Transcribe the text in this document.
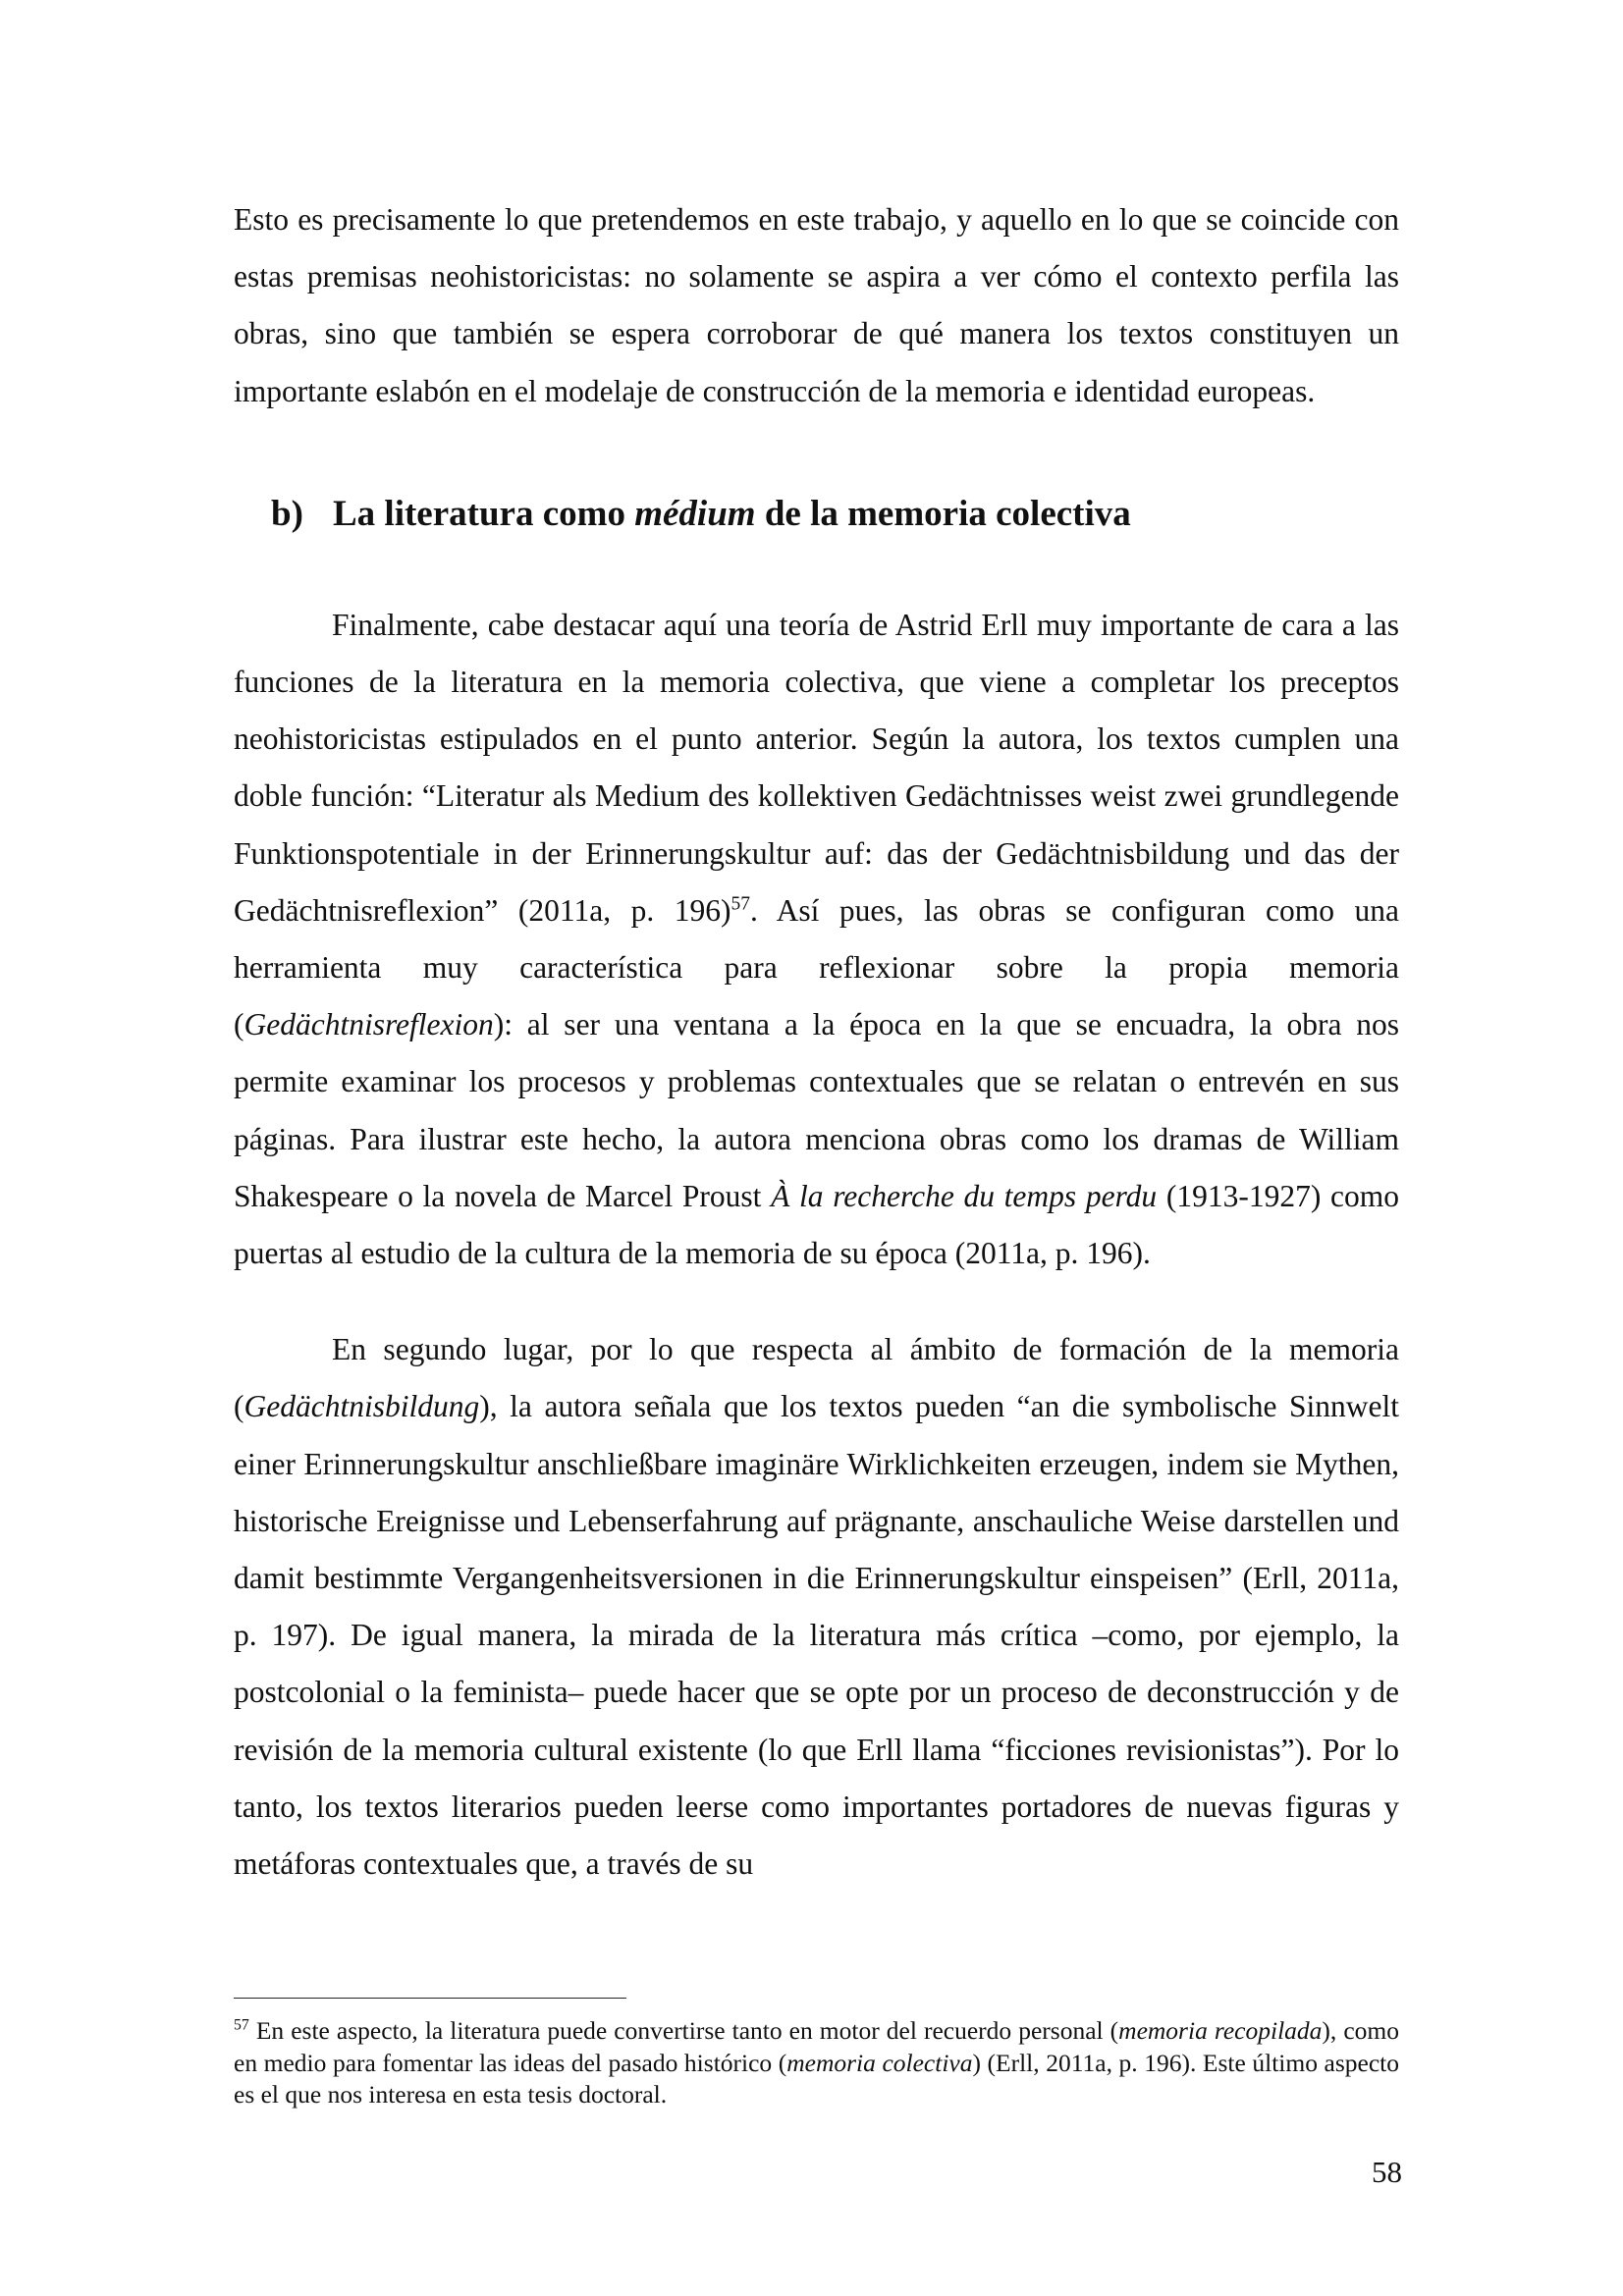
Esto es precisamente lo que pretendemos en este trabajo, y aquello en lo que se coincide con estas premisas neohistoricistas: no solamente se aspira a ver cómo el contexto perfila las obras, sino que también se espera corroborar de qué manera los textos constituyen un importante eslabón en el modelaje de construcción de la memoria e identidad europeas.

b) La literatura como médium de la memoria colectiva

Finalmente, cabe destacar aquí una teoría de Astrid Erll muy importante de cara a las funciones de la literatura en la memoria colectiva, que viene a completar los preceptos neohistoricistas estipulados en el punto anterior. Según la autora, los textos cumplen una doble función: “Literatur als Medium des kollektiven Gedächtnisses weist zwei grundlegende Funktionspotentiale in der Erinnerungskultur auf: das der Gedächtnisbildung und das der Gedächtnisreflexion” (2011a, p. 196)$^{57}$. Así pues, las obras se configuran como una herramienta muy característica para reflexionar sobre la propia memoria (Gedächtnisreflexion): al ser una ventana a la época en la que se encuadra, la obra nos permite examinar los procesos y problemas contextuales que se relatan o entrevén en sus páginas. Para ilustrar este hecho, la autora menciona obras como los dramas de William Shakespeare o la novela de Marcel Proust À la recherche du temps perdu (1913-1927) como puertas al estudio de la cultura de la memoria de su época (2011a, p. 196).

En segundo lugar, por lo que respecta al ámbito de formación de la memoria (Gedächtnisbildung), la autora señala que los textos pueden “an die symbolische Sinnwelt einer Erinnerungskultur anschließbare imaginäre Wirklichkeiten erzeugen, indem sie Mythen, historische Ereignisse und Lebenserfahrung auf prägnante, anschauliche Weise darstellen und damit bestimmte Vergangenheitsversionen in die Erinnerungskultur einspeisen” (Erll, 2011a, p. 197). De igual manera, la mirada de la literatura más crítica –como, por ejemplo, la postcolonial o la feminista– puede hacer que se opte por un proceso de deconstrucción y de revisión de la memoria cultural existente (lo que Erll llama “ficciones revisionistas”). Por lo tanto, los textos literarios pueden leerse como importantes portadores de nuevas figuras y metáforas contextuales que, a través de su

$^{57}$ En este aspecto, la literatura puede convertirse tanto en motor del recuerdo personal (memoria recopilada), como en medio para fomentar las ideas del pasado histórico (memoria colectiva) (Erll, 2011a, p. 196). Este último aspecto es el que nos interesa en esta tesis doctoral.

58
